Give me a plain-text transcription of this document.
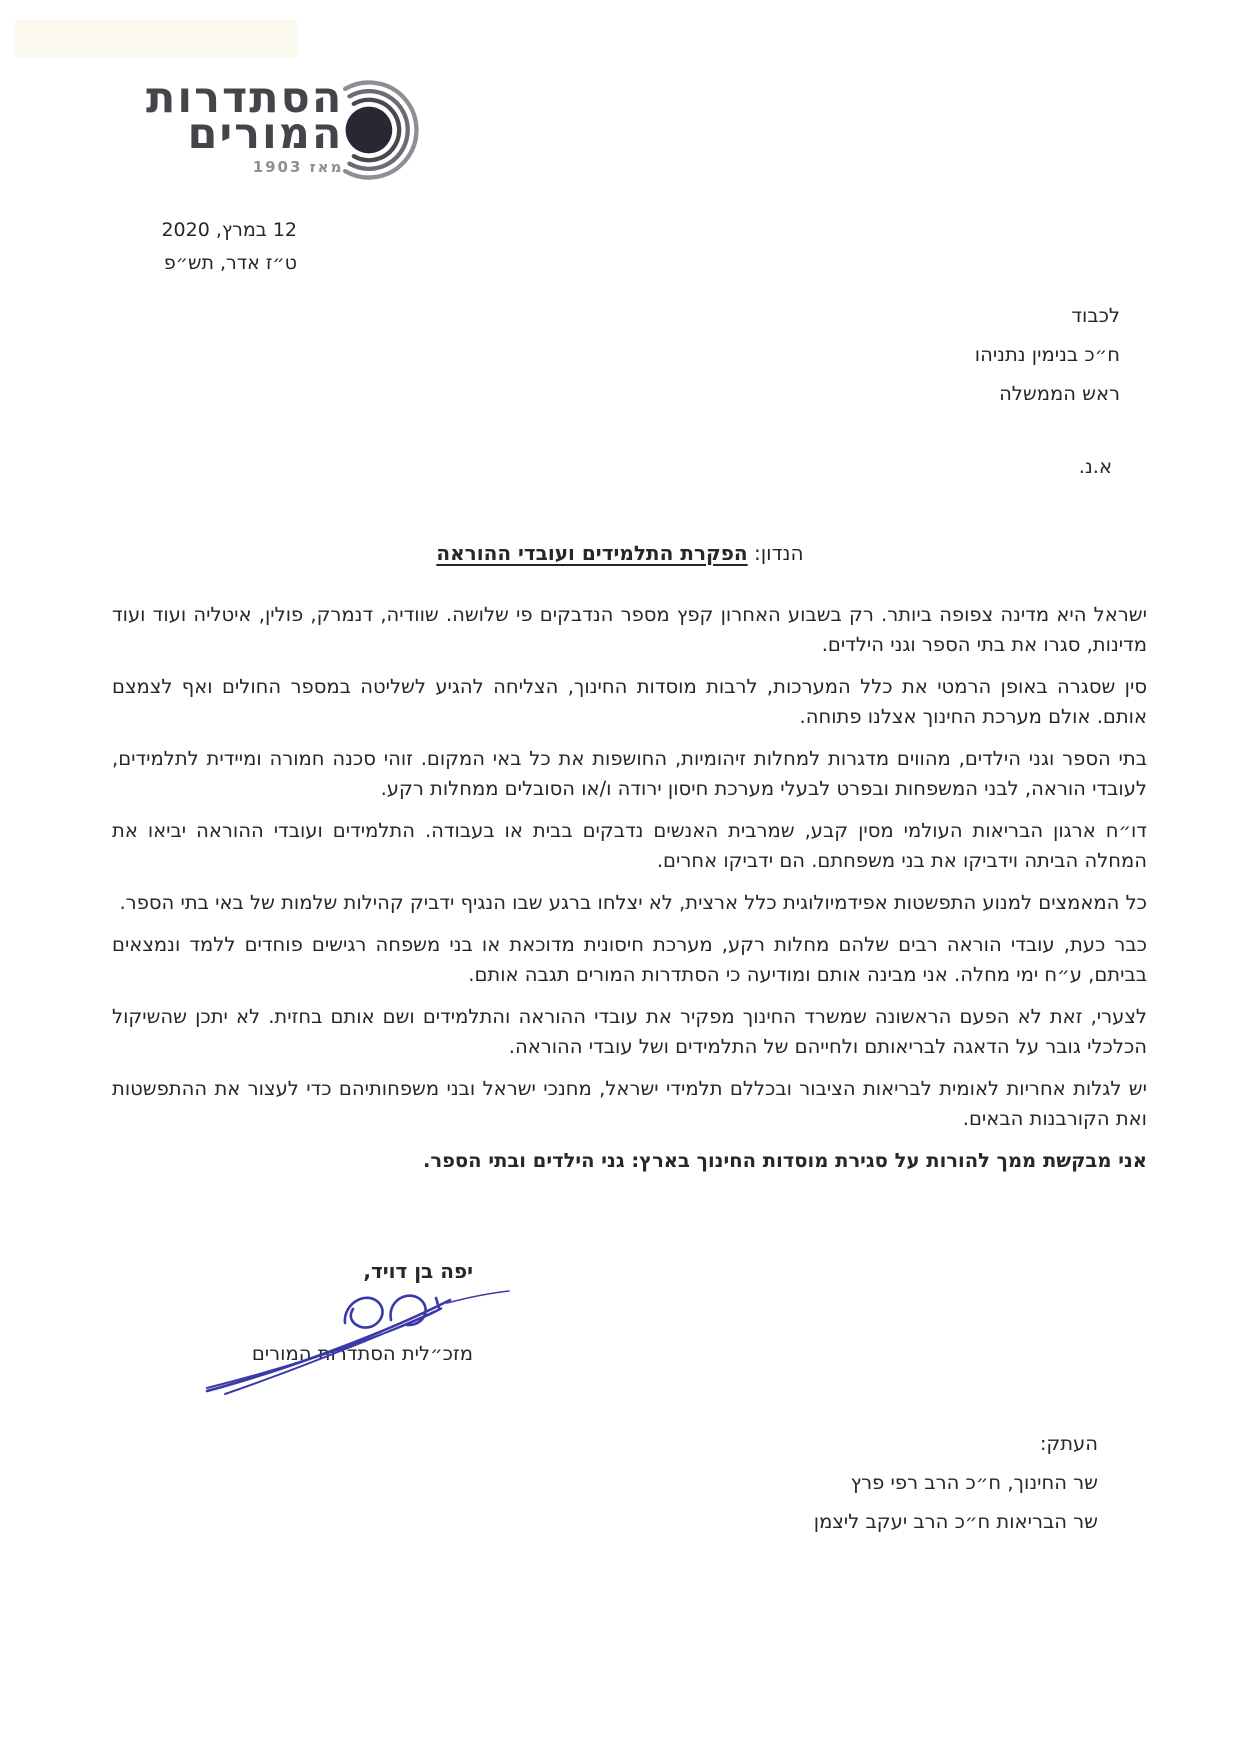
הסתדרות
המורים
מאז 1903
12 במרץ, 2020
ט״ז אדר, תש״פ
לכבוד
ח״כ בנימין נתניהו
ראש הממשלה
א.נ.
הנדון: הפקרת התלמידים ועובדי ההוראה

ישראל היא מדינה צפופה ביותר. רק בשבוע האחרון קפץ מספר הנדבקים פי שלושה. שוודיה, דנמרק, פולין, איטליה ועוד ועוד מדינות, סגרו את בתי הספר וגני הילדים.

סין שסגרה באופן הרמטי את כלל המערכות, לרבות מוסדות החינוך, הצליחה להגיע לשליטה במספר החולים ואף לצמצם אותם. אולם מערכת החינוך אצלנו פתוחה.

בתי הספר וגני הילדים, מהווים מדגרות למחלות זיהומיות, החושפות את כל באי המקום. זוהי סכנה חמורה ומיידית לתלמידים, לעובדי הוראה, לבני המשפחות ובפרט לבעלי מערכת חיסון ירודה ו/או הסובלים ממחלות רקע.

דו״ח ארגון הבריאות העולמי מסין קבע, שמרבית האנשים נדבקים בבית או בעבודה. התלמידים ועובדי ההוראה יביאו את המחלה הביתה וידביקו את בני משפחתם. הם ידביקו אחרים.

כל המאמצים למנוע התפשטות אפידמיולוגית כלל ארצית, לא יצלחו ברגע שבו הנגיף ידביק קהילות שלמות של באי בתי הספר.

כבר כעת, עובדי הוראה רבים שלהם מחלות רקע, מערכת חיסונית מדוכאת או בני משפחה רגישים פוחדים ללמד ונמצאים בביתם, ע״ח ימי מחלה. אני מבינה אותם ומודיעה כי הסתדרות המורים תגבה אותם.

לצערי, זאת לא הפעם הראשונה שמשרד החינוך מפקיר את עובדי ההוראה והתלמידים ושם אותם בחזית. לא יתכן שהשיקול הכלכלי גובר על הדאגה לבריאותם ולחייהם של התלמידים ושל עובדי ההוראה.

יש לגלות אחריות לאומית לבריאות הציבור ובכללם תלמידי ישראל, מחנכי ישראל ובני משפחותיהם כדי לעצור את ההתפשטות ואת הקורבנות הבאים.

אני מבקשת ממך להורות על סגירת מוסדות החינוך בארץ: גני הילדים ובתי הספר.

יפה בן דויד,
מזכ״לית הסתדרות המורים
העתק:
שר החינוך, ח״כ הרב רפי פרץ
שר הבריאות ח״כ הרב יעקב ליצמן
